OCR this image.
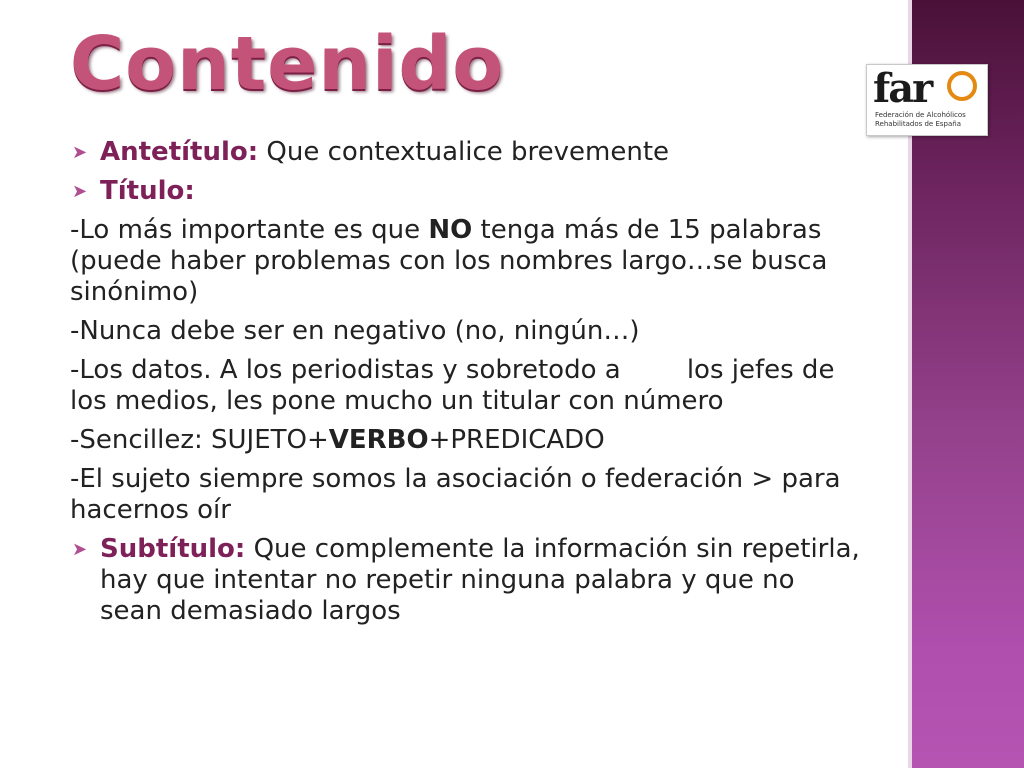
Contenido	far
Federación de Alcohólicos
Rehabilitados de España
➤ Antetítulo: Que contextualice brevemente
➤ Título:

-Lo más importante es que NO tenga más de 15 palabras (puede haber problemas con los nombres largo…se busca sinónimo)

-Nunca debe ser en negativo (no, ningún…)

-Los datos. A los periodistas y sobretodo a        los jefes de los medios, les pone mucho un titular con número

-Sencillez: SUJETO+VERBO+PREDICADO

-El sujeto siempre somos la asociación o federación > para hacernos oír

➤ Subtítulo: Que complemente la información sin repetirla, hay que intentar no repetir ninguna palabra y que no sean demasiado largos
